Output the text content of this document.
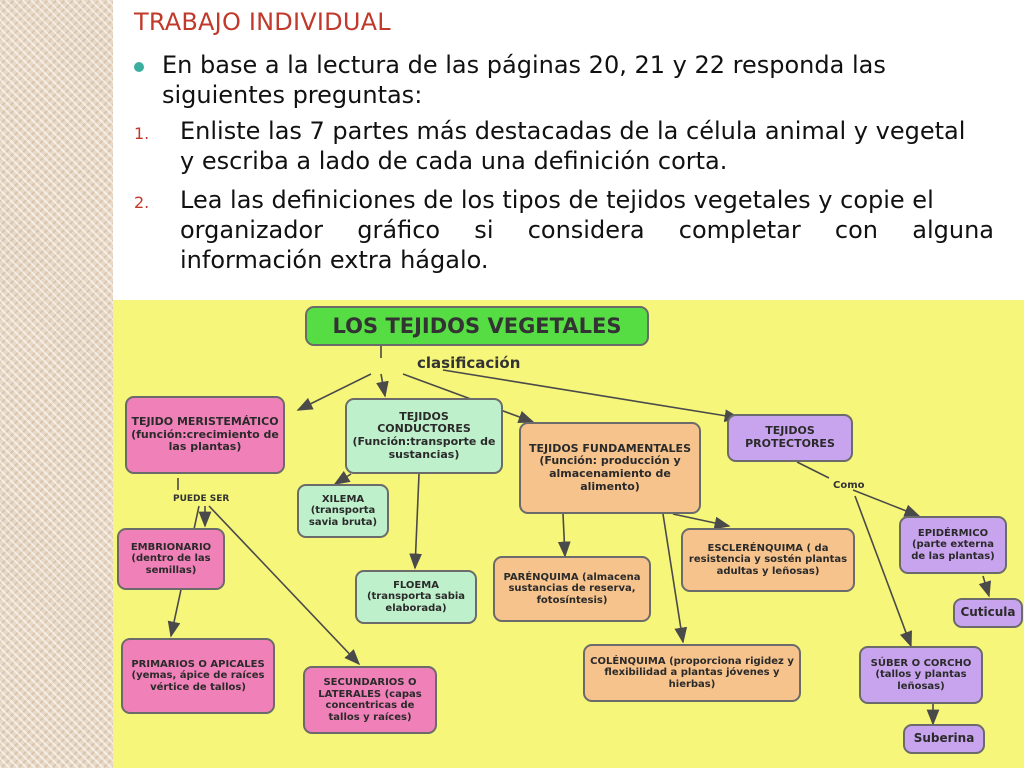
TRABAJO INDIVIDUAL
En base a la lectura de las páginas 20, 21 y 22 responda las
siguientes preguntas:
1. Enliste las 7 partes más destacadas de la célula animal y vegetal
y escriba a lado de cada una definición corta.
2. Lea las definiciones de los tipos de tejidos vegetales y copie el
organizador gráfico si considera completar con alguna
información extra hágalo.
LOS TEJIDOS VEGETALES
clasificación
TEJIDO MERISTEMÁTICO (función:crecimiento de las plantas)
TEJIDOS CONDUCTORES (Función:transporte de sustancias)	TEJIDOS FUNDAMENTALES (Función: producción y almacenamiento de alimento)
TEJIDOS PROTECTORES
PUEDE SER
Como
XILEMA (transporta savia bruta)
FLOEMA (transporta sabia elaborada)
EMBRIONARIO (dentro de las semillas)
PRIMARIOS O APICALES (yemas, ápice de raíces vértice de tallos)	SECUNDARIOS O LATERALES (capas concentricas de tallos y raíces)
PARÉNQUIMA (almacena sustancias de reserva, fotosíntesis)
ESCLERÉNQUIMA ( da resistencia y sostén plantas adultas y leñosas)
COLÉNQUIMA (proporciona rigidez y flexibilidad a plantas jóvenes y hierbas)
EPIDÉRMICO (parte externa de las plantas)
Cuticula
SÚBER O CORCHO (tallos y plantas leñosas)
Suberina
